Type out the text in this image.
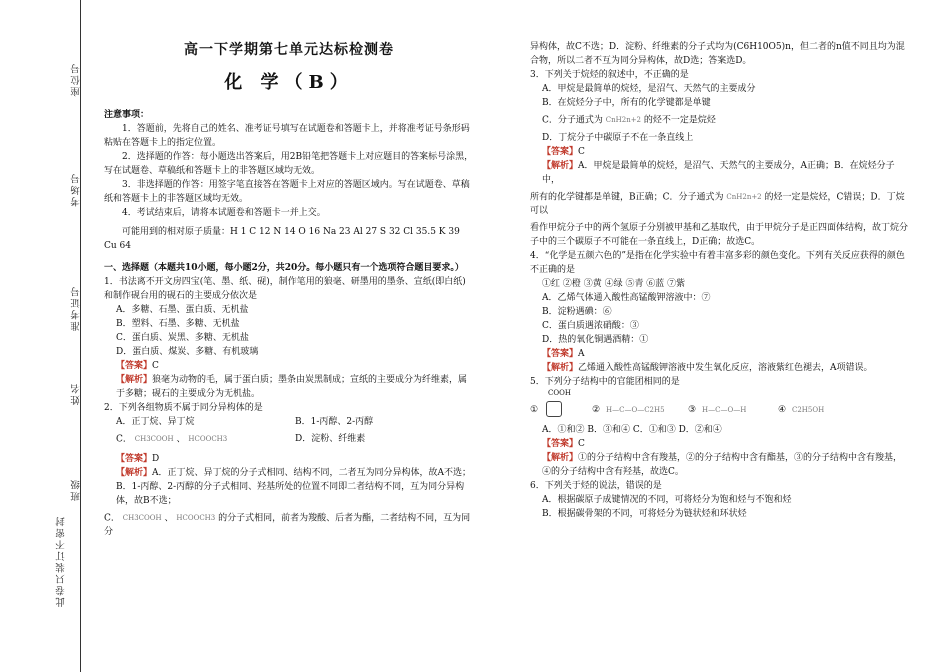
座位号
考场号
准考证号
姓名
班级
此卷只装订不密封

高一下学期第七单元达标检测卷

化 学（B）

注意事项：

1．答题前，先将自己的姓名、准考证号填写在试题卷和答题卡上，并将准考证号条形码粘贴在答题卡上的指定位置。

2．选择题的作答：每小题选出答案后，用2B铅笔把答题卡上对应题目的答案标号涂黑，写在试题卷、草稿纸和答题卡上的非答题区域均无效。

3．非选择题的作答：用签字笔直接答在答题卡上对应的答题区域内。写在试题卷、草稿纸和答题卡上的非答题区域均无效。

4．考试结束后，请将本试题卷和答题卡一并上交。

可能用到的相对原子质量：H 1 C 12 N 14 O 16 Na 23 Al 27 S 32 Cl 35.5 K 39 Cu 64

一、选择题（本题共10小题，每小题2分，共20分。每小题只有一个选项符合题目要求。）

1．书法离不开文房四宝(笔、墨、纸、砚)，制作笔用的狼毫、研墨用的墨条、宣纸(即白纸)和制作砚台用的砚石的主要成分依次是

A．多糖、石墨、蛋白质、无机盐

B．塑料、石墨、多糖、无机盐

C．蛋白质、炭黑、多糖、无机盐

D．蛋白质、煤炭、多糖、有机玻璃

【答案】C

【解析】狼毫为动物的毛，属于蛋白质；墨条由炭黑制成；宣纸的主要成分为纤维素，属于多糖；砚石的主要成分为无机盐。

2．下列各组物质不属于同分异构体的是

A．正丁烷、异丁烷	B．1-丙醇、2-丙醇
C． CH3COOH 、 HCOOCH3	D．淀粉、纤维素

【答案】D

【解析】A．正丁烷、异丁烷的分子式相同、结构不同，二者互为同分异构体，故A不选；B．1-丙醇、2-丙醇的分子式相同、羟基所处的位置不同即二者结构不同，互为同分异构体，故B不选；

C． CH3COOH 、 HCOOCH3 的分子式相同，前者为羧酸、后者为酯，二者结构不同，互为同分

异构体，故C不选；D．淀粉、纤维素的分子式均为(C6H10O5)n，但二者的n值不同且均为混合物，所以二者不互为同分异构体，故D选；答案选D。

3．下列关于烷烃的叙述中，不正确的是

A．甲烷是最简单的烷烃，是沼气、天然气的主要成分

B．在烷烃分子中，所有的化学键都是单键

C．分子通式为 CnH2n+2 的烃不一定是烷烃

D．丁烷分子中碳原子不在一条直线上

【答案】C

【解析】A．甲烷是最简单的烷烃，是沼气、天然气的主要成分，A正确；B．在烷烃分子中，

所有的化学键都是单键，B正确；C．分子通式为 CnH2n+2 的烃一定是烷烃，C错误；D．丁烷可以

看作甲烷分子中的两个氢原子分别被甲基和乙基取代，由于甲烷分子是正四面体结构，故丁烷分子中的三个碳原子不可能在一条直线上，D正确；故选C。

4．“化学是五颜六色的”是指在化学实验中有着丰富多彩的颜色变化。下列有关反应获得的颜色不正确的是

①红 ②橙 ③黄 ④绿 ⑤青 ⑥蓝 ⑦紫

A．乙烯气体通入酸性高锰酸钾溶液中：⑦

B．淀粉遇碘：⑥

C．蛋白质遇浓硝酸：③

D．热的氧化铜遇酒精：①

【答案】A

【解析】乙烯通入酸性高锰酸钾溶液中发生氧化反应，溶液紫红色褪去，A项错误。

5．下列分子结构中的官能团相同的是

COOH
①	② H—C—O—C2H5	③ H—C—O—H	④ C2H5OH

A．①和② B．③和④ C．①和③ D．②和④

【答案】C

【解析】①的分子结构中含有羧基，②的分子结构中含有酯基，③的分子结构中含有羧基，④的分子结构中含有羟基，故选C。

6．下列关于烃的说法，错误的是

A．根据碳原子成键情况的不同，可将烃分为饱和烃与不饱和烃

B．根据碳骨架的不同，可将烃分为链状烃和环状烃
